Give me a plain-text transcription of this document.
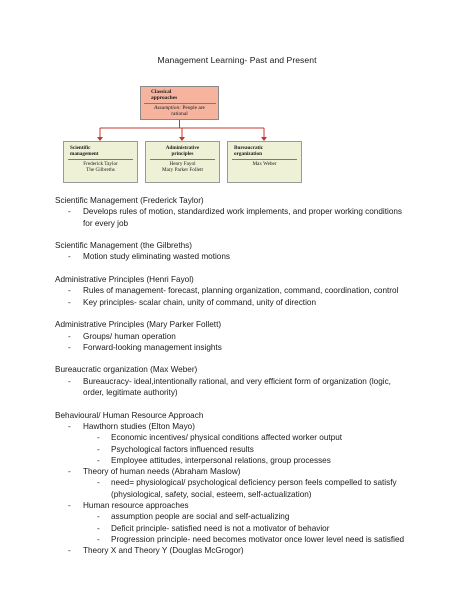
Management Learning- Past and Present
Classical
approaches
Assumption: People are
rational
Scientific
management
Frederick Taylor
The Gilbreths
Administrative
principles
Henry Fayol
Mary Parker Follett
Bureaucratic
organization
Max Weber
Scientific Management (Frederick Taylor)
- Develops rules of motion, standardized work implements, and proper working conditions
for every job
Scientific Management (the Gilbreths)
- Motion study eliminating wasted motions
Administrative Principles (Henri Fayol)
- Rules of management- forecast, planning organization, command, coordination, control
- Key principles- scalar chain, unity of command, unity of direction
Administrative Principles (Mary Parker Follett)
- Groups/ human operation
- Forward-looking management insights
Bureaucratic organization (Max Weber)
- Bureaucracy- ideal,intentionally rational, and very efficient form of organization (logic,
order, legitimate authority)
Behavioural/ Human Resource Approach
- Hawthorn studies (Elton Mayo)
- Economic incentives/ physical conditions affected worker output
- Psychological factors influenced results
- Employee attitudes, interpersonal relations, group processes
- Theory of human needs (Abraham Maslow)
- need= physiological/ psychological deficiency person feels compelled to satisfy
(physiological, safety, social, esteem, self-actualization)
- Human resource approaches
- assumption people are social and self-actualizing
- Deficit principle- satisfied need is not a motivator of behavior
- Progression principle- need becomes motivator once lower level need is satisfied
- Theory X and Theory Y (Douglas McGrogor)
